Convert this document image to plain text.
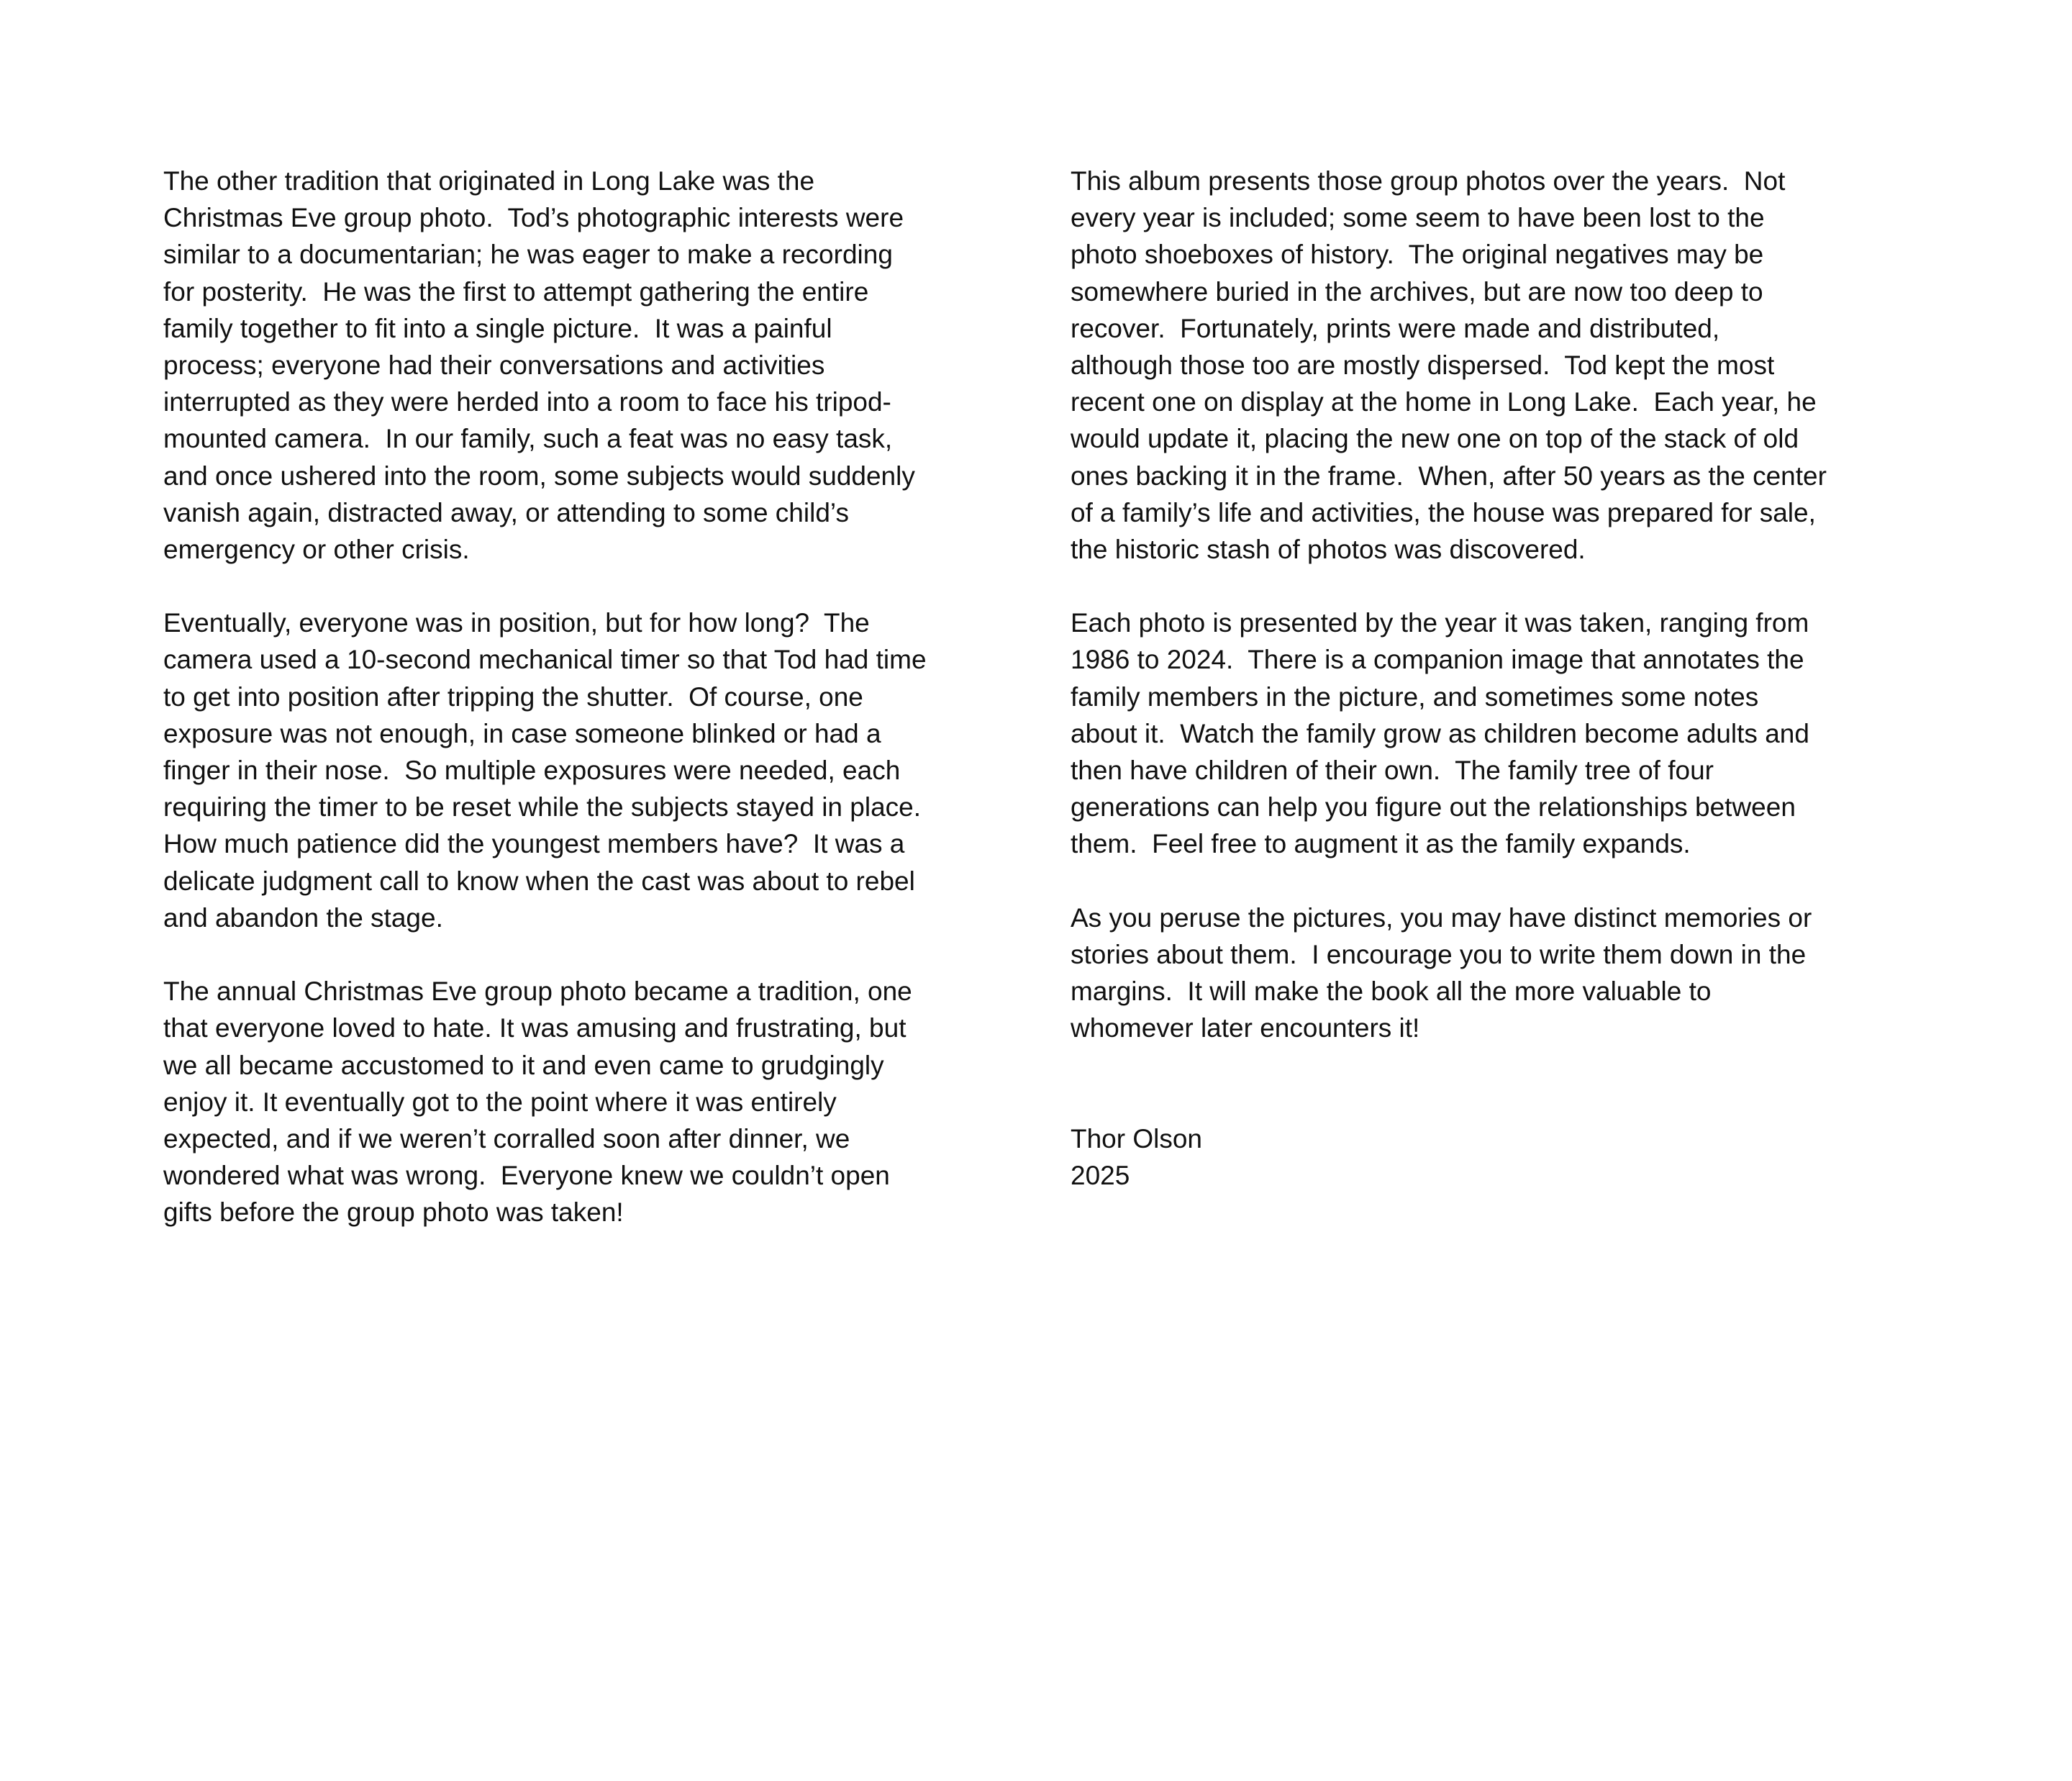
The other tradition that originated in Long Lake was the
Christmas Eve group photo.  Tod’s photographic interests were
similar to a documentarian; he was eager to make a recording
for posterity.  He was the first to attempt gathering the entire
family together to fit into a single picture.  It was a painful
process; everyone had their conversations and activities
interrupted as they were herded into a room to face his tripod-
mounted camera.  In our family, such a feat was no easy task,
and once ushered into the room, some subjects would suddenly
vanish again, distracted away, or attending to some child’s
emergency or other crisis.
Eventually, everyone was in position, but for how long?  The
camera used a 10-second mechanical timer so that Tod had time
to get into position after tripping the shutter.  Of course, one
exposure was not enough, in case someone blinked or had a
finger in their nose.  So multiple exposures were needed, each
requiring the timer to be reset while the subjects stayed in place.
How much patience did the youngest members have?  It was a
delicate judgment call to know when the cast was about to rebel
and abandon the stage.
The annual Christmas Eve group photo became a tradition, one
that everyone loved to hate. It was amusing and frustrating, but
we all became accustomed to it and even came to grudgingly
enjoy it. It eventually got to the point where it was entirely
expected, and if we weren’t corralled soon after dinner, we
wondered what was wrong.  Everyone knew we couldn’t open
gifts before the group photo was taken!
This album presents those group photos over the years.  Not
every year is included; some seem to have been lost to the
photo shoeboxes of history.  The original negatives may be
somewhere buried in the archives, but are now too deep to
recover.  Fortunately, prints were made and distributed,
although those too are mostly dispersed.  Tod kept the most
recent one on display at the home in Long Lake.  Each year, he
would update it, placing the new one on top of the stack of old
ones backing it in the frame.  When, after 50 years as the center
of a family’s life and activities, the house was prepared for sale,
the historic stash of photos was discovered.
Each photo is presented by the year it was taken, ranging from
1986 to 2024.  There is a companion image that annotates the
family members in the picture, and sometimes some notes
about it.  Watch the family grow as children become adults and
then have children of their own.  The family tree of four
generations can help you figure out the relationships between
them.  Feel free to augment it as the family expands.
As you peruse the pictures, you may have distinct memories or
stories about them.  I encourage you to write them down in the
margins.  It will make the book all the more valuable to
whomever later encounters it!
Thor Olson
2025
